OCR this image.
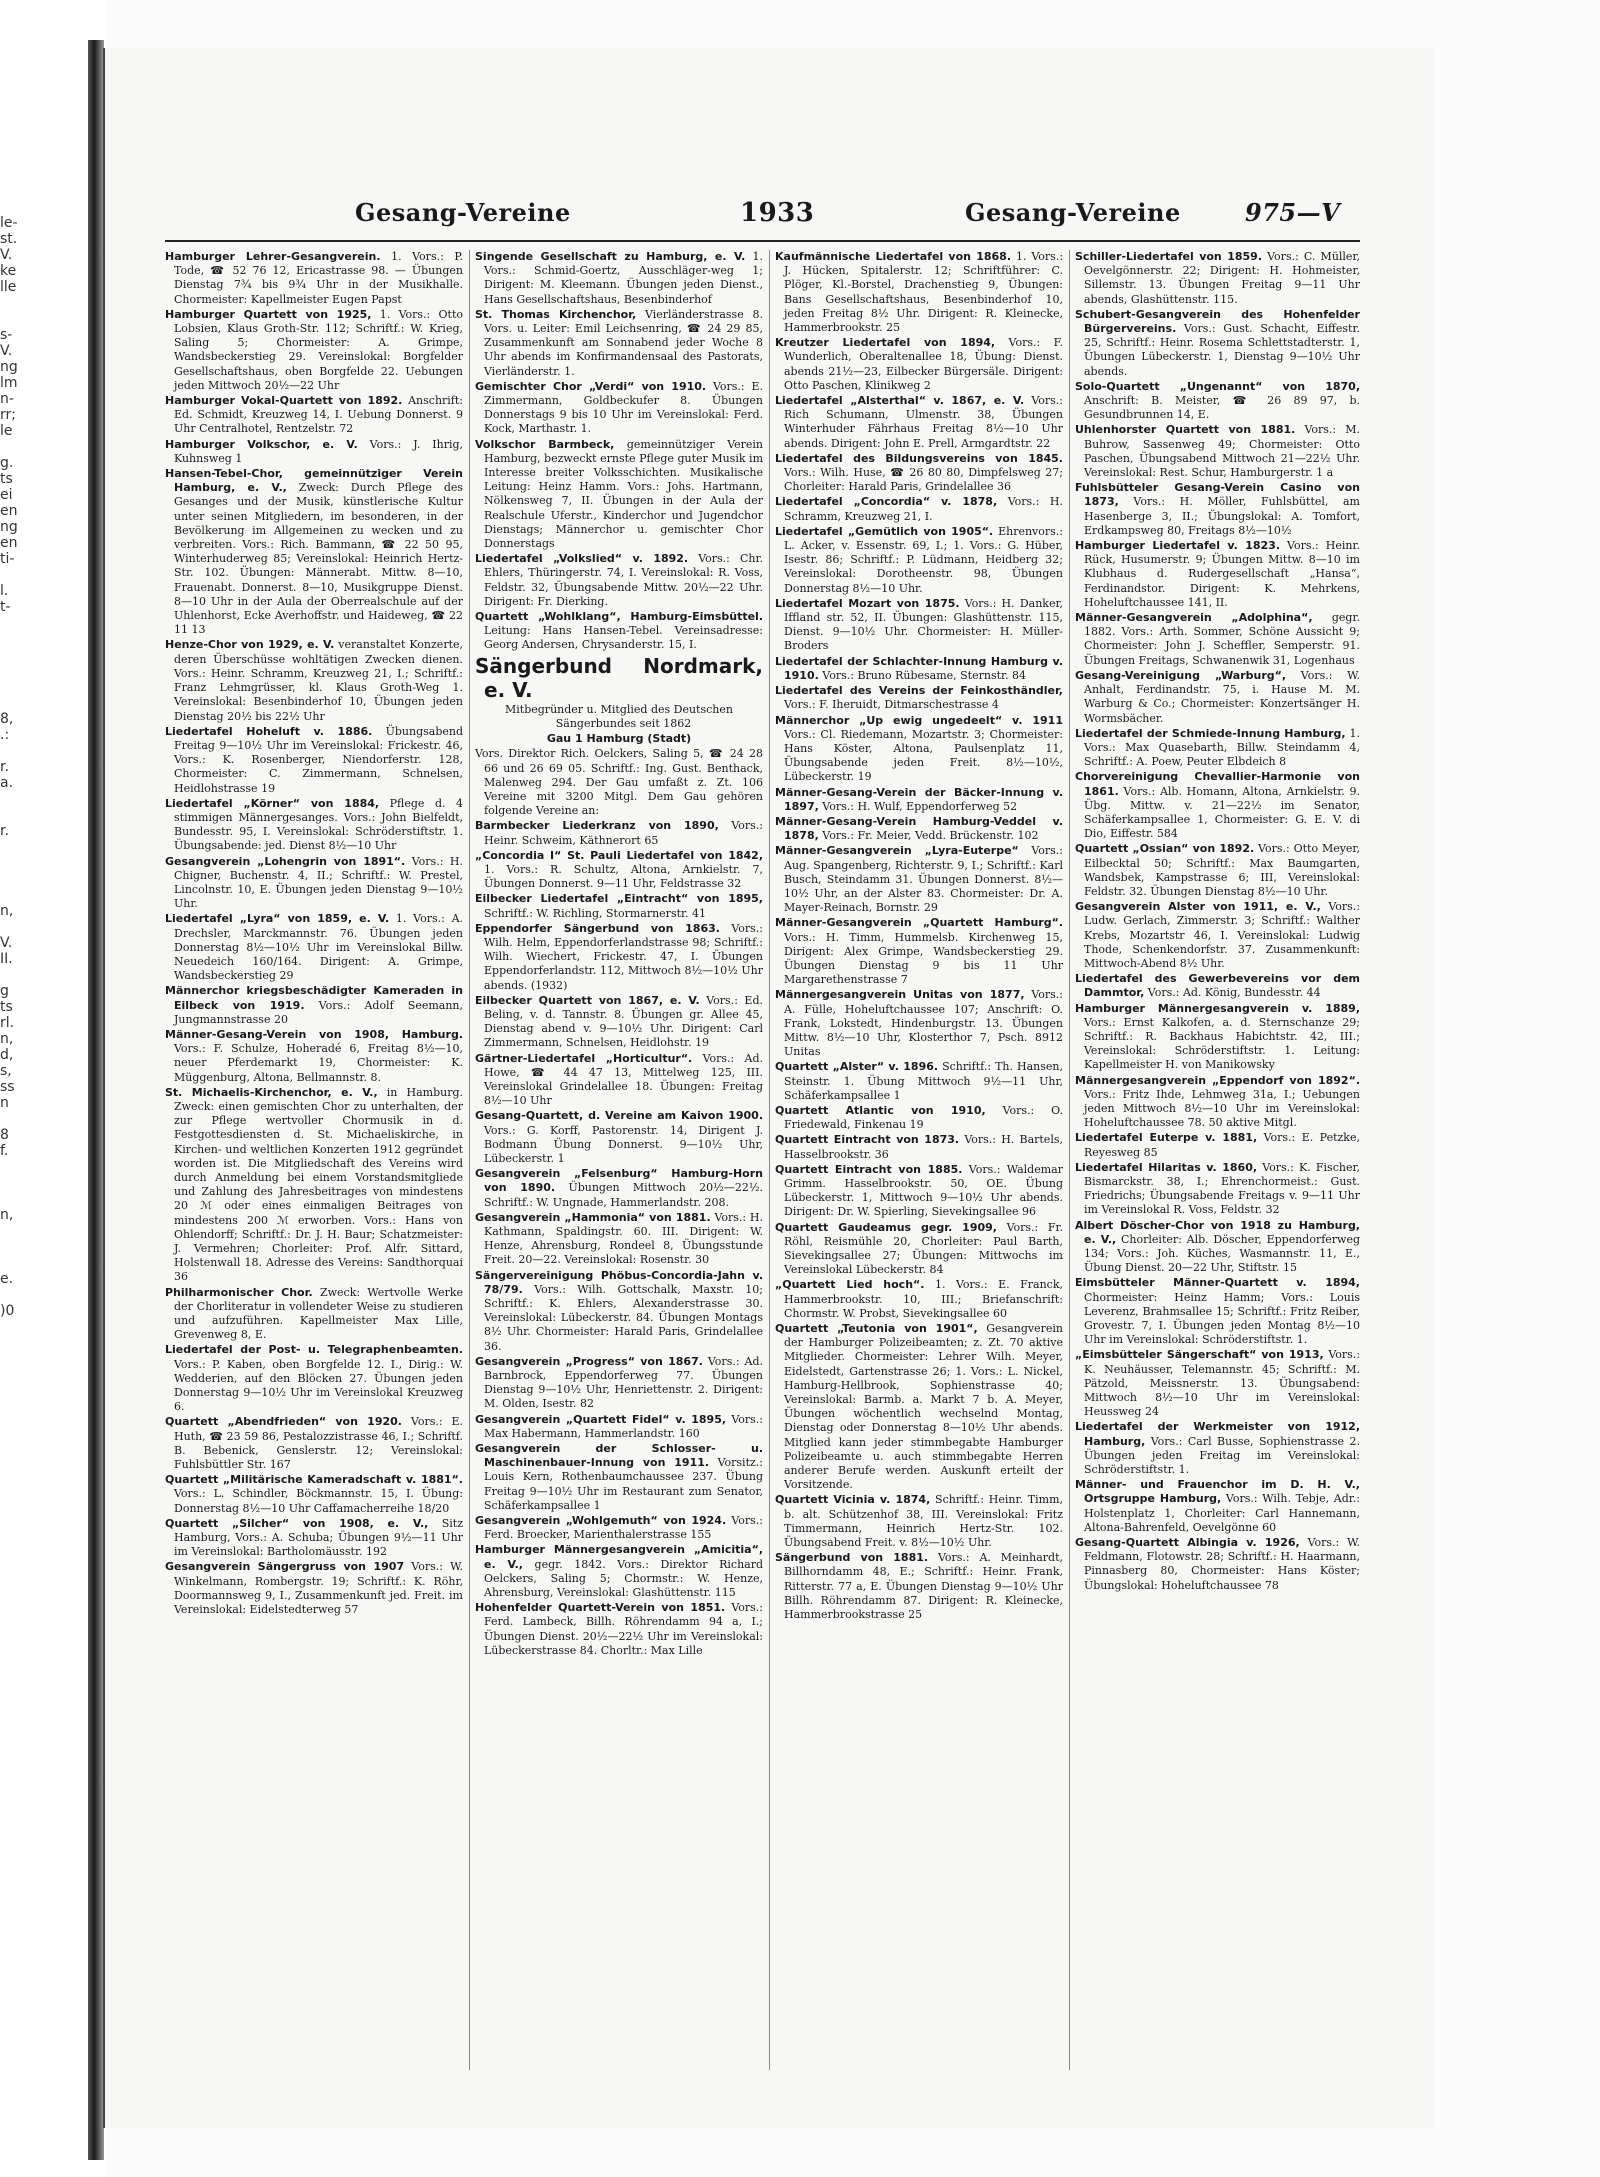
le-
st.
V.
ke
lle

s-
V.
ng
lm
n-
rr;
le

g.
ts
ei
en
ng
en
ti-

l.
t-

8,
.:

r.
a.

r.

n,

V.
II.

g
ts
rl.
n,
d,
s,
ss
n

8
f.

n,

e.

)0

Gesang-Vereine	1933	Gesang-Vereine	975—V

Hamburger Lehrer-Gesangverein. 1. Vors.: P. Tode, ☎ 52 76 12, Ericastrasse 98. — Übungen Dienstag 7¾ bis 9¾ Uhr in der Musikhalle. Chormeister: Kapellmeister Eugen Papst

Hamburger Quartett von 1925, 1. Vors.: Otto Lobsien, Klaus Groth-Str. 112; Schriftf.: W. Krieg, Saling 5; Chormeister: A. Grimpe, Wandsbeckerstieg 29. Vereinslokal: Borgfelder Gesellschaftshaus, oben Borgfelde 22. Uebungen jeden Mittwoch 20½—22 Uhr

Hamburger Vokal-Quartett von 1892. Anschrift: Ed. Schmidt, Kreuzweg 14, I. Uebung Donnerst. 9 Uhr Centralhotel, Rentzelstr. 72

Hamburger Volkschor, e. V. Vors.: J. Ihrig, Kuhnsweg 1

Hansen-Tebel-Chor, gemeinnütziger Verein Hamburg, e. V., Zweck: Durch Pflege des Gesanges und der Musik, künstlerische Kultur unter seinen Mitgliedern, im besonderen, in der Bevölkerung im Allgemeinen zu wecken und zu verbreiten. Vors.: Rich. Bammann, ☎ 22 50 95, Winterhuderweg 85; Vereinslokal: Heinrich Hertz-Str. 102. Übungen: Männerabt. Mittw. 8—10, Frauenabt. Donnerst. 8—10, Musikgruppe Dienst. 8—10 Uhr in der Aula der Oberrealschule auf der Uhlenhorst, Ecke Averhoffstr. und Haideweg, ☎ 22 11 13

Henze-Chor von 1929, e. V. veranstaltet Konzerte, deren Überschüsse wohltätigen Zwecken dienen. Vors.: Heinr. Schramm, Kreuzweg 21, I.; Schriftf.: Franz Lehmgrüsser, kl. Klaus Groth-Weg 1. Vereinslokal: Besenbinderhof 10, Übungen jeden Dienstag 20½ bis 22½ Uhr

Liedertafel Hoheluft v. 1886. Übungsabend Freitag 9—10½ Uhr im Vereinslokal: Frickestr. 46, Vors.: K. Rosenberger, Niendorferstr. 128, Chormeister: C. Zimmermann, Schnelsen, Heidlohstrasse 19

Liedertafel „Körner“ von 1884, Pflege d. 4 stimmigen Männergesanges. Vors.: John Bielfeldt, Bundesstr. 95, I. Vereinslokal: Schröderstiftstr. 1. Übungsabende: jed. Dienst 8½—10 Uhr

Gesangverein „Lohengrin von 1891“. Vors.: H. Chigner, Buchenstr. 4, II.; Schriftf.: W. Prestel, Lincolnstr. 10, E. Übungen jeden Dienstag 9—10½ Uhr.

Liedertafel „Lyra“ von 1859, e. V. 1. Vors.: A. Drechsler, Marckmannstr. 76. Übungen jeden Donnerstag 8½—10½ Uhr im Vereinslokal Billw. Neuedeich 160/164. Dirigent: A. Grimpe, Wandsbeckerstieg 29

Männerchor kriegsbeschädigter Kameraden in Eilbeck von 1919. Vors.: Adolf Seemann, Jungmannstrasse 20

Männer-Gesang-Verein von 1908, Hamburg. Vors.: F. Schulze, Hoheradé 6, Freitag 8½—10, neuer Pferdemarkt 19, Chormeister: K. Müggenburg, Altona, Bellmannstr. 8.

St. Michaelis-Kirchenchor, e. V., in Hamburg. Zweck: einen gemischten Chor zu unterhalten, der zur Pflege wertvoller Chormusik in d. Festgottesdiensten d. St. Michaeliskirche, in Kirchen- und weltlichen Konzerten 1912 gegründet worden ist. Die Mitgliedschaft des Vereins wird durch Anmeldung bei einem Vorstandsmitgliede und Zahlung des Jahresbeitrages von mindestens 20 ℳ oder eines einmaligen Beitrages von mindestens 200 ℳ erworben. Vors.: Hans von Ohlendorff; Schriftf.: Dr. J. H. Baur; Schatzmeister: J. Vermehren; Chorleiter: Prof. Alfr. Sittard, Holstenwall 18. Adresse des Vereins: Sandthorquai 36

Philharmonischer Chor. Zweck: Wertvolle Werke der Chorliteratur in vollendeter Weise zu studieren und aufzuführen. Kapellmeister Max Lille, Grevenweg 8, E.

Liedertafel der Post- u. Telegraphenbeamten. Vors.: P. Kaben, oben Borgfelde 12. I., Dirig.: W. Wedderien, auf den Blöcken 27. Übungen jeden Donnerstag 9—10½ Uhr im Vereinslokal Kreuzweg 6.

Quartett „Abendfrieden“ von 1920. Vors.: E. Huth, ☎ 23 59 86, Pestalozzistrasse 46, I.; Schriftf. B. Bebenick, Genslerstr. 12; Vereinslokal: Fuhlsbüttler Str. 167

Quartett „Militärische Kameradschaft v. 1881“. Vors.: L. Schindler, Böckmannstr. 15, I. Übung: Donnerstag 8½—10 Uhr Caffamacherreihe 18/20

Quartett „Silcher“ von 1908, e. V., Sitz Hamburg, Vors.: A. Schuba; Übungen 9½—11 Uhr im Vereinslokal: Bartholomäusstr. 192

Gesangverein Sängergruss von 1907 Vors.: W. Winkelmann, Rombergstr. 19; Schriftf.: K. Röhr, Doormannsweg 9, I., Zusammenkunft jed. Freit. im Vereinslokal: Eidelstedterweg 57

Singende Gesellschaft zu Hamburg, e. V. 1. Vors.: Schmid-Goertz, Ausschläger-weg 1; Dirigent: M. Kleemann. Übungen jeden Dienst., Hans Gesellschaftshaus, Besenbinderhof

St. Thomas Kirchenchor, Vierländerstrasse 8. Vors. u. Leiter: Emil Leichsenring, ☎ 24 29 85, Zusammenkunft am Sonnabend jeder Woche 8 Uhr abends im Konfirmandensaal des Pastorats, Vierländerstr. 1.

Gemischter Chor „Verdi“ von 1910. Vors.: E. Zimmermann, Goldbeckufer 8. Übungen Donnerstags 9 bis 10 Uhr im Vereinslokal: Ferd. Kock, Marthastr. 1.

Volkschor Barmbeck, gemeinnütziger Verein Hamburg, bezweckt ernste Pflege guter Musik im Interesse breiter Volksschichten. Musikalische Leitung: Heinz Hamm. Vors.: Johs. Hartmann, Nölkensweg 7, II. Übungen in der Aula der Realschule Uferstr., Kinderchor und Jugendchor Dienstags; Männerchor u. gemischter Chor Donnerstags

Liedertafel „Volkslied“ v. 1892. Vors.: Chr. Ehlers, Thüringerstr. 74, I. Vereinslokal: R. Voss, Feldstr. 32, Übungsabende Mittw. 20½—22 Uhr. Dirigent: Fr. Dierking.

Quartett „Wohlklang“, Hamburg-Eimsbüttel. Leitung: Hans Hansen-Tebel. Vereinsadresse: Georg Andersen, Chrysanderstr. 15, I.

Sängerbund Nordmark, e. V.

Mitbegründer u. Mitglied des Deutschen Sängerbundes seit 1862

Gau 1 Hamburg (Stadt)

Vors. Direktor Rich. Oelckers, Saling 5, ☎ 24 28 66 und 26 69 05. Schriftf.: Ing. Gust. Benthack, Malenweg 294. Der Gau umfaßt z. Zt. 106 Vereine mit 3200 Mitgl. Dem Gau gehören folgende Vereine an:

Barmbecker Liederkranz von 1890, Vors.: Heinr. Schweim, Käthnerort 65

„Concordia I“ St. Pauli Liedertafel von 1842, 1. Vors.: R. Schultz, Altona, Arnkielstr. 7, Übungen Donnerst. 9—11 Uhr, Feldstrasse 32

Eilbecker Liedertafel „Eintracht“ von 1895, Schriftf.: W. Richling, Stormarnerstr. 41

Eppendorfer Sängerbund von 1863. Vors.: Wilh. Helm, Eppendorferlandstrasse 98; Schriftf.: Wilh. Wiechert, Frickestr. 47, I. Übungen Eppendorferlandstr. 112, Mittwoch 8½—10½ Uhr abends. (1932)

Eilbecker Quartett von 1867, e. V. Vors.: Ed. Beling, v. d. Tannstr. 8. Übungen gr. Allee 45, Dienstag abend v. 9—10½ Uhr. Dirigent: Carl Zimmermann, Schnelsen, Heidlohstr. 19

Gärtner-Liedertafel „Horticultur“. Vors.: Ad. Howe, ☎ 44 47 13, Mittelweg 125, III. Vereinslokal Grindelallee 18. Übungen: Freitag 8½—10 Uhr

Gesang-Quartett, d. Vereine am Kaivon 1900. Vors.: G. Korff, Pastorenstr. 14, Dirigent J. Bodmann Übung Donnerst. 9—10½ Uhr, Lübeckerstr. 1

Gesangverein „Felsenburg“ Hamburg-Horn von 1890. Übungen Mittwoch 20½—22½. Schriftf.: W. Ungnade, Hammerlandstr. 208.

Gesangverein „Hammonia“ von 1881. Vors.: H. Kathmann, Spaldingstr. 60. III. Dirigent: W. Henze, Ahrensburg, Rondeel 8, Übungsstunde Freit. 20—22. Vereinslokal: Rosenstr. 30

Sängervereinigung Phöbus-Concordia-Jahn v. 78/79. Vors.: Wilh. Gottschalk, Maxstr. 10; Schriftf.: K. Ehlers, Alexanderstrasse 30. Vereinslokal: Lübeckerstr. 84. Übungen Montags 8½ Uhr. Chormeister: Harald Paris, Grindelallee 36.

Gesangverein „Progress“ von 1867. Vors.: Ad. Barnbrock, Eppendorferweg 77. Übungen Dienstag 9—10½ Uhr, Henriettenstr. 2. Dirigent: M. Olden, Isestr. 82

Gesangverein „Quartett Fidel“ v. 1895, Vors.: Max Habermann, Hammerlandstr. 160

Gesangverein der Schlosser- u. Maschinenbauer-Innung von 1911. Vorsitz.: Louis Kern, Rothenbaumchaussee 237. Übung Freitag 9—10½ Uhr im Restaurant zum Senator, Schäferkampsallee 1

Gesangverein „Wohlgemuth“ von 1924. Vors.: Ferd. Broecker, Marienthalerstrasse 155

Hamburger Männergesangverein „Amicitia“, e. V., gegr. 1842. Vors.: Direktor Richard Oelckers, Saling 5; Chormstr.: W. Henze, Ahrensburg, Vereinslokal: Glashüttenstr. 115

Hohenfelder Quartett-Verein von 1851. Vors.: Ferd. Lambeck, Billh. Röhrendamm 94 a, I.; Übungen Dienst. 20½—22½ Uhr im Vereinslokal: Lübeckerstrasse 84. Chorltr.: Max Lille

Kaufmännische Liedertafel von 1868. 1. Vors.: J. Hücken, Spitalerstr. 12; Schriftführer: C. Plöger, Kl.-Borstel, Drachenstieg 9, Übungen: Bans Gesellschaftshaus, Besenbinderhof 10, jeden Freitag 8½ Uhr. Dirigent: R. Kleinecke, Hammerbrookstr. 25

Kreutzer Liedertafel von 1894, Vors.: F. Wunderlich, Oberaltenallee 18, Übung: Dienst. abends 21½—23, Eilbecker Bürgersäle. Dirigent: Otto Paschen, Klinikweg 2

Liedertafel „Alsterthal“ v. 1867, e. V. Vors.: Rich Schumann, Ulmenstr. 38, Übungen Winterhuder Fährhaus Freitag 8½—10 Uhr abends. Dirigent: John E. Prell, Armgardtstr. 22

Liedertafel des Bildungsvereins von 1845. Vors.: Wilh. Huse, ☎ 26 80 80, Dimpfelsweg 27; Chorleiter: Harald Paris, Grindelallee 36

Liedertafel „Concordia“ v. 1878, Vors.: H. Schramm, Kreuzweg 21, I.

Liedertafel „Gemütlich von 1905“. Ehrenvors.: L. Acker, v. Essenstr. 69, I.; 1. Vors.: G. Hüber, Isestr. 86; Schriftf.: P. Lüdmann, Heidberg 32; Vereinslokal: Dorotheenstr. 98, Übungen Donnerstag 8½—10 Uhr.

Liedertafel Mozart von 1875. Vors.: H. Danker, Iffland str. 52, II. Übungen: Glashüttenstr. 115, Dienst. 9—10½ Uhr. Chormeister: H. Müller-Broders

Liedertafel der Schlachter-Innung Hamburg v. 1910. Vors.: Bruno Rübesame, Sternstr. 84

Liedertafel des Vereins der Feinkosthändler, Vors.: F. Iheruidt, Ditmarschestrasse 4

Männerchor „Up ewig ungedeelt“ v. 1911 Vors.: Cl. Riedemann, Mozartstr. 3; Chormeister: Hans Köster, Altona, Paulsenplatz 11, Übungsabende jeden Freit. 8½—10½, Lübeckerstr. 19

Männer-Gesang-Verein der Bäcker-Innung v. 1897, Vors.: H. Wulf, Eppendorferweg 52

Männer-Gesang-Verein Hamburg-Veddel v. 1878, Vors.: Fr. Meier, Vedd. Brückenstr. 102

Männer-Gesangverein „Lyra-Euterpe“ Vors.: Aug. Spangenberg, Richterstr. 9, I.; Schriftf.: Karl Busch, Steindamm 31. Übungen Donnerst. 8½—10½ Uhr, an der Alster 83. Chormeister: Dr. A. Mayer-Reinach, Bornstr. 29

Männer-Gesangverein „Quartett Hamburg“. Vors.: H. Timm, Hummelsb. Kirchenweg 15, Dirigent: Alex Grimpe, Wandsbeckerstieg 29. Übungen Dienstag 9 bis 11 Uhr Margarethenstrasse 7

Männergesangverein Unitas von 1877, Vors.: A. Fülle, Hoheluftchaussee 107; Anschrift: O. Frank, Lokstedt, Hindenburgstr. 13. Übungen Mittw. 8½—10 Uhr, Klosterthor 7, Psch. 8912 Unitas

Quartett „Alster“ v. 1896. Schriftf.: Th. Hansen, Steinstr. 1. Übung Mittwoch 9½—11 Uhr, Schäferkampsallee 1

Quartett Atlantic von 1910, Vors.: O. Friedewald, Finkenau 19

Quartett Eintracht von 1873. Vors.: H. Bartels, Hasselbrookstr. 36

Quartett Eintracht von 1885. Vors.: Waldemar Grimm. Hasselbrookstr. 50, OE. Übung Lübeckerstr. 1, Mittwoch 9—10½ Uhr abends. Dirigent: Dr. W. Spierling, Sievekingsallee 96

Quartett Gaudeamus gegr. 1909, Vors.: Fr. Röhl, Reismühle 20, Chorleiter: Paul Barth, Sievekingsallee 27; Übungen: Mittwochs im Vereinslokal Lübeckerstr. 84

„Quartett Lied hoch“. 1. Vors.: E. Franck, Hammerbrookstr. 10, III.; Briefanschrift: Chormstr. W. Probst, Sievekingsallee 60

Quartett „Teutonia von 1901“, Gesangverein der Hamburger Polizeibeamten; z. Zt. 70 aktive Mitglieder. Chormeister: Lehrer Wilh. Meyer, Eidelstedt, Gartenstrasse 26; 1. Vors.: L. Nickel, Hamburg-Hellbrook, Sophienstrasse 40; Vereinslokal: Barmb. a. Markt 7 b. A. Meyer, Übungen wöchentlich wechselnd Montag, Dienstag oder Donnerstag 8—10½ Uhr abends. Mitglied kann jeder stimmbegabte Hamburger Polizeibeamte u. auch stimmbegabte Herren anderer Berufe werden. Auskunft erteilt der Vorsitzende.

Quartett Vicinia v. 1874, Schriftf.: Heinr. Timm, b. alt. Schützenhof 38, III. Vereinslokal: Fritz Timmermann, Heinrich Hertz-Str. 102. Übungsabend Freit. v. 8½—10½ Uhr.

Sängerbund von 1881. Vors.: A. Meinhardt, Billhorndamm 48, E.; Schriftf.: Heinr. Frank, Ritterstr. 77 a, E. Übungen Dienstag 9—10½ Uhr Billh. Röhrendamm 87. Dirigent: R. Kleinecke, Hammerbrookstrasse 25

Schiller-Liedertafel von 1859. Vors.: C. Müller, Oevelgönnerstr. 22; Dirigent: H. Hohmeister, Sillemstr. 13. Übungen Freitag 9—11 Uhr abends, Glashüttenstr. 115.

Schubert-Gesangverein des Hohenfelder Bürgervereins. Vors.: Gust. Schacht, Eiffestr. 25, Schriftf.: Heinr. Rosema Schlettstadterstr. 1, Übungen Lübeckerstr. 1, Dienstag 9—10½ Uhr abends.

Solo-Quartett „Ungenannt“ von 1870, Anschrift: B. Meister, ☎ 26 89 97, b. Gesundbrunnen 14, E.

Uhlenhorster Quartett von 1881. Vors.: M. Buhrow, Sassenweg 49; Chormeister: Otto Paschen, Übungsabend Mittwoch 21—22½ Uhr. Vereinslokal: Rest. Schur, Hamburgerstr. 1 a

Fuhlsbütteler Gesang-Verein Casino von 1873, Vors.: H. Möller, Fuhlsbüttel, am Hasenberge 3, II.; Übungslokal: A. Tomfort, Erdkampsweg 80, Freitags 8½—10½

Hamburger Liedertafel v. 1823. Vors.: Heinr. Rück, Husumerstr. 9; Übungen Mittw. 8—10 im Klubhaus d. Rudergesellschaft „Hansa“, Ferdinandstor. Dirigent: K. Mehrkens, Hoheluftchaussee 141, II.

Männer-Gesangverein „Adolphina“, gegr. 1882. Vors.: Arth. Sommer, Schöne Aussicht 9; Chormeister: John J. Scheffler, Semperstr. 91. Übungen Freitags, Schwanenwik 31, Logenhaus

Gesang-Vereinigung „Warburg“, Vors.: W. Anhalt, Ferdinandstr. 75, i. Hause M. M. Warburg & Co.; Chormeister: Konzertsänger H. Wormsbächer.

Liedertafel der Schmiede-Innung Hamburg, 1. Vors.: Max Quasebarth, Billw. Steindamm 4, Schriftf.: A. Poew, Peuter Elbdeich 8

Chorvereinigung Chevallier-Harmonie von 1861. Vors.: Alb. Homann, Altona, Arnkielstr. 9. Übg. Mittw. v. 21—22½ im Senator, Schäferkampsallee 1, Chormeister: G. E. V. di Dio, Eiffestr. 584

Quartett „Ossian“ von 1892. Vors.: Otto Meyer, Eilbecktal 50; Schriftf.: Max Baumgarten, Wandsbek, Kampstrasse 6; III, Vereinslokal: Feldstr. 32. Übungen Dienstag 8½—10 Uhr.

Gesangverein Alster von 1911, e. V., Vors.: Ludw. Gerlach, Zimmerstr. 3; Schriftf.: Walther Krebs, Mozartstr 46, I. Vereinslokal: Ludwig Thode, Schenkendorfstr. 37. Zusammenkunft: Mittwoch-Abend 8½ Uhr.

Liedertafel des Gewerbevereins vor dem Dammtor, Vors.: Ad. König, Bundesstr. 44

Hamburger Männergesangverein v. 1889, Vors.: Ernst Kalkofen, a. d. Sternschanze 29; Schriftf.: R. Backhaus Habichtstr. 42, III.; Vereinslokal: Schröderstiftstr. 1. Leitung: Kapellmeister H. von Manikowsky

Männergesangverein „Eppendorf von 1892“. Vors.: Fritz Ihde, Lehmweg 31a, I.; Uebungen jeden Mittwoch 8½—10 Uhr im Vereinslokal: Hoheluftchaussee 78. 50 aktive Mitgl.

Liedertafel Euterpe v. 1881, Vors.: E. Petzke, Reyesweg 85

Liedertafel Hilaritas v. 1860, Vors.: K. Fischer, Bismarckstr. 38, I.; Ehrenchormeist.: Gust. Friedrichs; Übungsabende Freitags v. 9—11 Uhr im Vereinslokal R. Voss, Feldstr. 32

Albert Döscher-Chor von 1918 zu Hamburg, e. V., Chorleiter: Alb. Döscher, Eppendorferweg 134; Vors.: Joh. Küches, Wasmannstr. 11, E., Übung Dienst. 20—22 Uhr, Stiftstr. 15

Eimsbütteler Männer-Quartett v. 1894, Chormeister: Heinz Hamm; Vors.: Louis Leverenz, Brahmsallee 15; Schriftf.: Fritz Reiber, Grovestr. 7, I. Übungen jeden Montag 8½—10 Uhr im Vereinslokal: Schröderstiftstr. 1.

„Eimsbütteler Sängerschaft“ von 1913, Vors.: K. Neuhäusser, Telemannstr. 45; Schriftf.: M. Pätzold, Meissnerstr. 13. Übungsabend: Mittwoch 8½—10 Uhr im Vereinslokal: Heussweg 24

Liedertafel der Werkmeister von 1912, Hamburg, Vors.: Carl Busse, Sophienstrasse 2. Übungen jeden Freitag im Vereinslokal: Schröderstiftstr. 1.

Männer- und Frauenchor im D. H. V., Ortsgruppe Hamburg, Vors.: Wilh. Tebje, Adr.: Holstenplatz 1, Chorleiter: Carl Hannemann, Altona-Bahrenfeld, Oevelgönne 60

Gesang-Quartett Albingia v. 1926, Vors.: W. Feldmann, Flotowstr. 28; Schriftf.: H. Haarmann, Pinnasberg 80, Chormeister: Hans Köster; Übungslokal: Hoheluftchaussee 78
